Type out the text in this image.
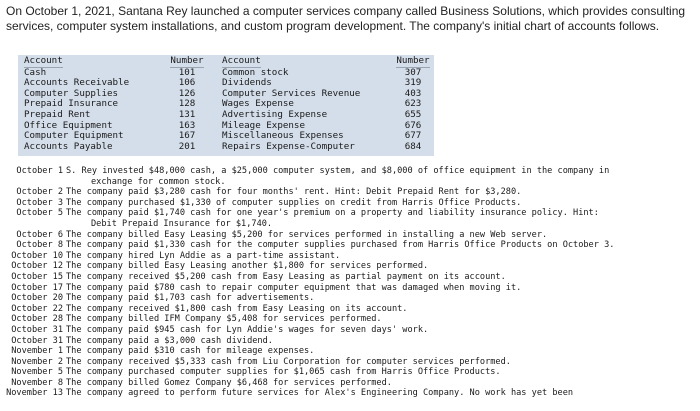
On October 1, 2021, Santana Rey launched a computer services company called Business Solutions, which provides consulting services, computer system installations, and custom program development. The company's initial chart of accounts follows.
Account
Cash
Accounts Receivable
Computer Supplies
Prepaid Insurance
Prepaid Rent
Office Equipment
Computer Equipment
Accounts Payable
Number
101
106
126
128
131
163
167
201
Account
Common stock
Dividends
Computer Services Revenue
Wages Expense
Advertising Expense
Mileage Expense
Miscellaneous Expenses
Repairs Expense-Computer
Number
307
319
403
623
655
676
677
684
October 1 S. Rey invested $48,000 cash, a $25,000 computer system, and $8,000 of office equipment in the company in
exchange for common stock.
October 2 The company paid $3,280 cash for four months' rent. Hint: Debit Prepaid Rent for $3,280.
October 3 The company purchased $1,330 of computer supplies on credit from Harris Office Products.
October 5 The company paid $1,740 cash for one year's premium on a property and liability insurance policy. Hint:
Debit Prepaid Insurance for $1,740.
October 6 The company billed Easy Leasing $5,200 for services performed in installing a new Web server.
October 8 The company paid $1,330 cash for the computer supplies purchased from Harris Office Products on October 3.
October 10 The company hired Lyn Addie as a part-time assistant.
October 12 The company billed Easy Leasing another $1,800 for services performed.
October 15 The company received $5,200 cash from Easy Leasing as partial payment on its account.
October 17 The company paid $780 cash to repair computer equipment that was damaged when moving it.
October 20 The company paid $1,703 cash for advertisements.
October 22 The company received $1,800 cash from Easy Leasing on its account.
October 28 The company billed IFM Company $5,408 for services performed.
October 31 The company paid $945 cash for Lyn Addie's wages for seven days' work.
October 31 The company paid a $3,000 cash dividend.
November 1 The company paid $310 cash for mileage expenses.
November 2 The company received $5,333 cash from Liu Corporation for computer services performed.
November 5 The company purchased computer supplies for $1,065 cash from Harris Office Products.
November 8 The company billed Gomez Company $6,468 for services performed.
November 13 The company agreed to perform future services for Alex's Engineering Company. No work has yet been
